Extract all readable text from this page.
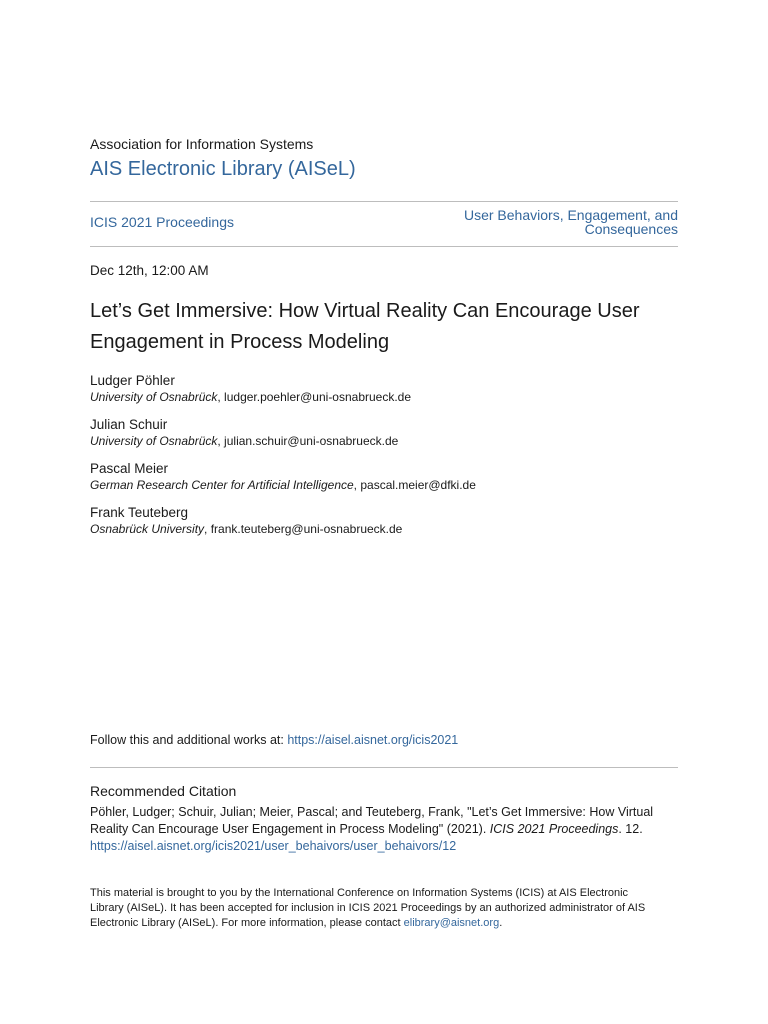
Association for Information Systems
AIS Electronic Library (AISeL)
ICIS 2021 Proceedings	User Behaviors, Engagement, and
Consequences
Dec 12th, 12:00 AM
Let’s Get Immersive: How Virtual Reality Can Encourage User
Engagement in Process Modeling
Ludger Pöhler
University of Osnabrück, ludger.poehler@uni-osnabrueck.de
Julian Schuir
University of Osnabrück, julian.schuir@uni-osnabrueck.de
Pascal Meier
German Research Center for Artificial Intelligence, pascal.meier@dfki.de
Frank Teuteberg
Osnabrück University, frank.teuteberg@uni-osnabrueck.de
Follow this and additional works at: https://aisel.aisnet.org/icis2021
Recommended Citation
Pöhler, Ludger; Schuir, Julian; Meier, Pascal; and Teuteberg, Frank, "Let’s Get Immersive: How Virtual
Reality Can Encourage User Engagement in Process Modeling" (2021). ICIS 2021 Proceedings. 12.
https://aisel.aisnet.org/icis2021/user_behaivors/user_behaivors/12
This material is brought to you by the International Conference on Information Systems (ICIS) at AIS Electronic
Library (AISeL). It has been accepted for inclusion in ICIS 2021 Proceedings by an authorized administrator of AIS
Electronic Library (AISeL). For more information, please contact elibrary@aisnet.org.
